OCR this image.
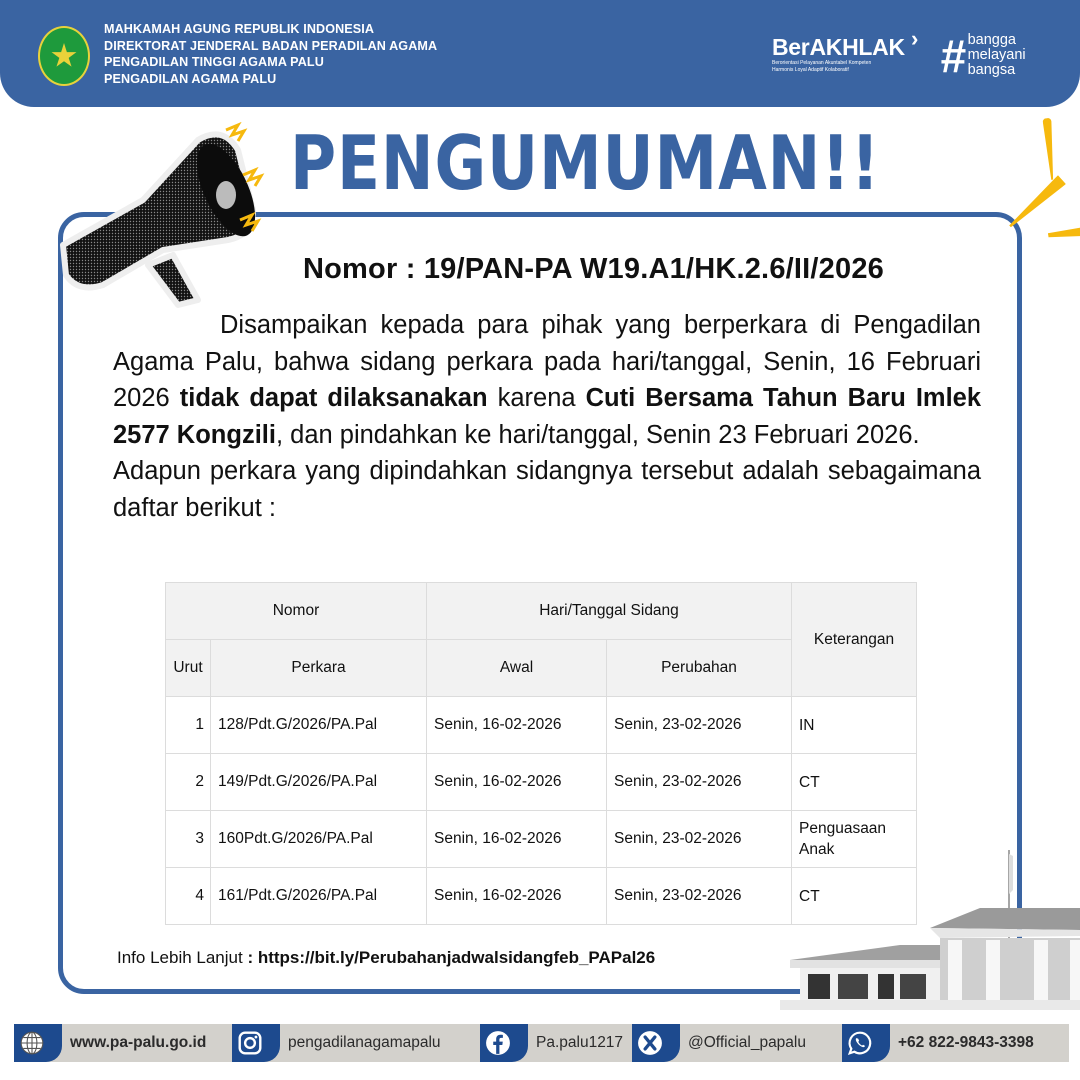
MAHKAMAH AGUNG REPUBLIK INDONESIA
DIREKTORAT JENDERAL BADAN PERADILAN AGAMA
PENGADILAN TINGGI AGAMA PALU
PENGADILAN AGAMA PALU
BerAKHLAK ›
Berorientasi Pelayanan Akuntabel Kompeten
Harmonis Loyal Adaptif Kolaboratif	# bangga
melayani
bangsa
PENGUMUMAN!!
Nomor : 19/PAN-PA W19.A1/HK.2.6/II/2026

Disampaikan kepada para pihak yang berperkara di Pengadilan Agama Palu, bahwa sidang perkara pada hari/tanggal, Senin, 16 Februari 2026 tidak dapat dilaksanakan karena Cuti Bersama Tahun Baru Imlek 2577 Kongzili, dan pindahkan ke hari/tanggal, Senin 23 Februari 2026.

Adapun perkara yang dipindahkan sidangnya tersebut adalah sebagaimana daftar berikut :

Nomor		Hari/Tanggal Sidang		Keterangan
Urut	Perkara	Awal	Perubahan	
1	128/Pdt.G/2026/PA.Pal	Senin, 16-02-2026	Senin, 23-02-2026	IN
2	149/Pdt.G/2026/PA.Pal	Senin, 16-02-2026	Senin, 23-02-2026	CT
3	160Pdt.G/2026/PA.Pal	Senin, 16-02-2026	Senin, 23-02-2026	Penguasaan Anak
4	161/Pdt.G/2026/PA.Pal	Senin, 16-02-2026	Senin, 23-02-2026	CT
Info Lebih Lanjut : https://bit.ly/Perubahanjadwalsidangfeb_PAPal26
www.pa-palu.go.id	pengadilanagamapalu	Pa.palu1217	@Official_papalu	+62 822-9843-3398
